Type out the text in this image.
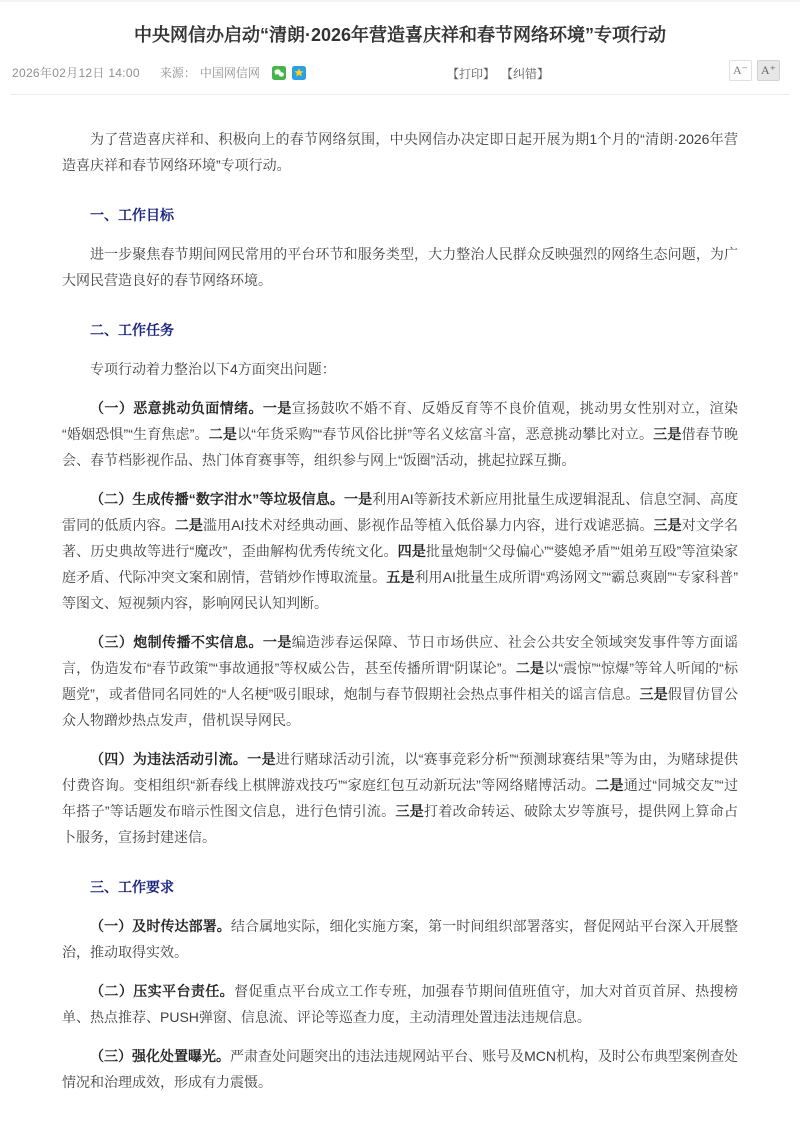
中央网信办启动“清朗·2026年营造喜庆祥和春节网络环境”专项行动
2026年02月12日 14:00 来源： 中国网信网	【打印】 【纠错】	A⁻	A⁺

为了营造喜庆祥和、积极向上的春节网络氛围，中央网信办决定即日起开展为期1个月的“清朗·2026年营造喜庆祥和春节网络环境”专项行动。

一、工作目标

进一步聚焦春节期间网民常用的平台环节和服务类型，大力整治人民群众反映强烈的网络生态问题，为广大网民营造良好的春节网络环境。

二、工作任务

专项行动着力整治以下4方面突出问题：

（一）恶意挑动负面情绪。一是宣扬鼓吹不婚不育、反婚反育等不良价值观，挑动男女性别对立，渲染“婚姻恐惧”“生育焦虑”。二是以“年货采购”“春节风俗比拼”等名义炫富斗富，恶意挑动攀比对立。三是借春节晚会、春节档影视作品、热门体育赛事等，组织参与网上“饭圈”活动，挑起拉踩互撕。

（二）生成传播“数字泔水”等垃圾信息。一是利用AI等新技术新应用批量生成逻辑混乱、信息空洞、高度雷同的低质内容。二是滥用AI技术对经典动画、影视作品等植入低俗暴力内容，进行戏谑恶搞。三是对文学名著、历史典故等进行“魔改”，歪曲解构优秀传统文化。四是批量炮制“父母偏心”“婆媳矛盾”“姐弟互殴”等渲染家庭矛盾、代际冲突文案和剧情，营销炒作博取流量。五是利用AI批量生成所谓“鸡汤网文”“霸总爽剧”“专家科普”等图文、短视频内容，影响网民认知判断。

（三）炮制传播不实信息。一是编造涉春运保障、节日市场供应、社会公共安全领域突发事件等方面谣言，伪造发布“春节政策”“事故通报”等权威公告，甚至传播所谓“阴谋论”。二是以“震惊”“惊爆”等耸人听闻的“标题党”，或者借同名同姓的“人名梗”吸引眼球，炮制与春节假期社会热点事件相关的谣言信息。三是假冒仿冒公众人物蹭炒热点发声，借机误导网民。

（四）为违法活动引流。一是进行赌球活动引流，以“赛事竞彩分析”“预测球赛结果”等为由，为赌球提供付费咨询。变相组织“新春线上棋牌游戏技巧”“家庭红包互动新玩法”等网络赌博活动。二是通过“同城交友”“过年搭子”等话题发布暗示性图文信息，进行色情引流。三是打着改命转运、破除太岁等旗号，提供网上算命占卜服务，宣扬封建迷信。

三、工作要求

（一）及时传达部署。结合属地实际，细化实施方案，第一时间组织部署落实，督促网站平台深入开展整治，推动取得实效。

（二）压实平台责任。督促重点平台成立工作专班，加强春节期间值班值守，加大对首页首屏、热搜榜单、热点推荐、PUSH弹窗、信息流、评论等巡查力度，主动清理处置违法违规信息。

（三）强化处置曝光。严肃查处问题突出的违法违规网站平台、账号及MCN机构，及时公布典型案例查处情况和治理成效，形成有力震慑。
